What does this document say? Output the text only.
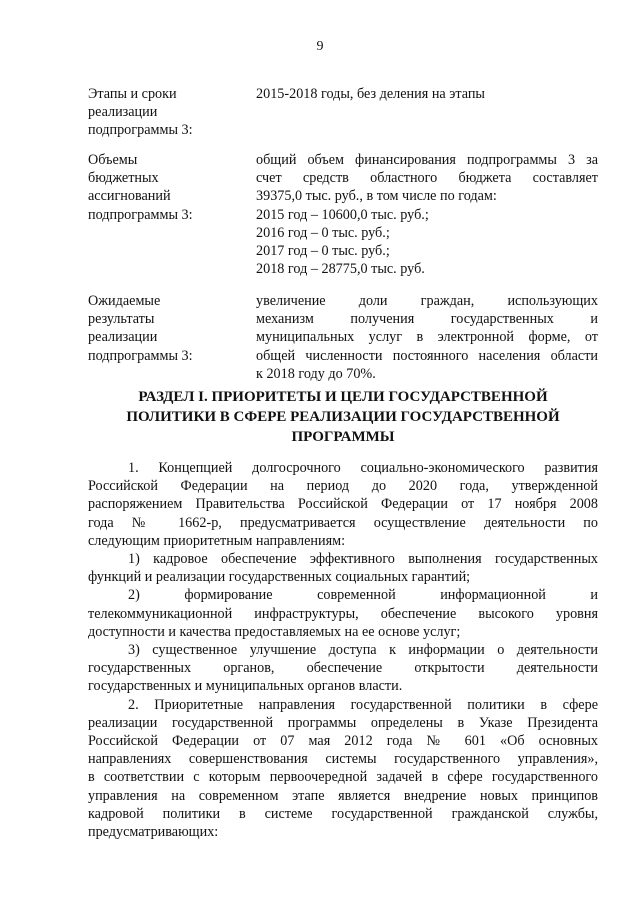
9
Этапы и сроки
реализации
подпрограммы 3:
2015-2018 годы, без деления на этапы
Объемы
бюджетных
ассигнований
подпрограммы 3:
общий объем финансирования подпрограммы 3 за
счет средств областного бюджета составляет
39375,0 тыс. руб., в том числе по годам:
2015 год – 10600,0 тыс. руб.;
2016 год – 0 тыс. руб.;
2017 год – 0 тыс. руб.;
2018 год – 28775,0 тыс. руб.
Ожидаемые
результаты
реализации
подпрограммы 3:
увеличение доли граждан, использующих
механизм получения государственных и
муниципальных услуг в электронной форме, от
общей численности постоянного населения области
к 2018 году до 70%.
РАЗДЕЛ I. ПРИОРИТЕТЫ И ЦЕЛИ ГОСУДАРСТВЕННОЙ
ПОЛИТИКИ В СФЕРЕ РЕАЛИЗАЦИИ ГОСУДАРСТВЕННОЙ
ПРОГРАММЫ
1. Концепцией долгосрочного социально-экономического развития
Российской Федерации на период до 2020 года, утвержденной
распоряжением Правительства Российской Федерации от 17 ноября 2008
года № 1662-р, предусматривается осуществление деятельности по
следующим приоритетным направлениям:
1) кадровое обеспечение эффективного выполнения государственных
функций и реализации государственных социальных гарантий;
2) формирование современной информационной и
телекоммуникационной инфраструктуры, обеспечение высокого уровня
доступности и качества предоставляемых на ее основе услуг;
3) существенное улучшение доступа к информации о деятельности
государственных органов, обеспечение открытости деятельности
государственных и муниципальных органов власти.
2. Приоритетные направления государственной политики в сфере
реализации государственной программы определены в Указе Президента
Российской Федерации от 07 мая 2012 года № 601 «Об основных
направлениях совершенствования системы государственного управления»,
в соответствии с которым первоочередной задачей в сфере государственного
управления на современном этапе является внедрение новых принципов
кадровой политики в системе государственной гражданской службы,
предусматривающих:
